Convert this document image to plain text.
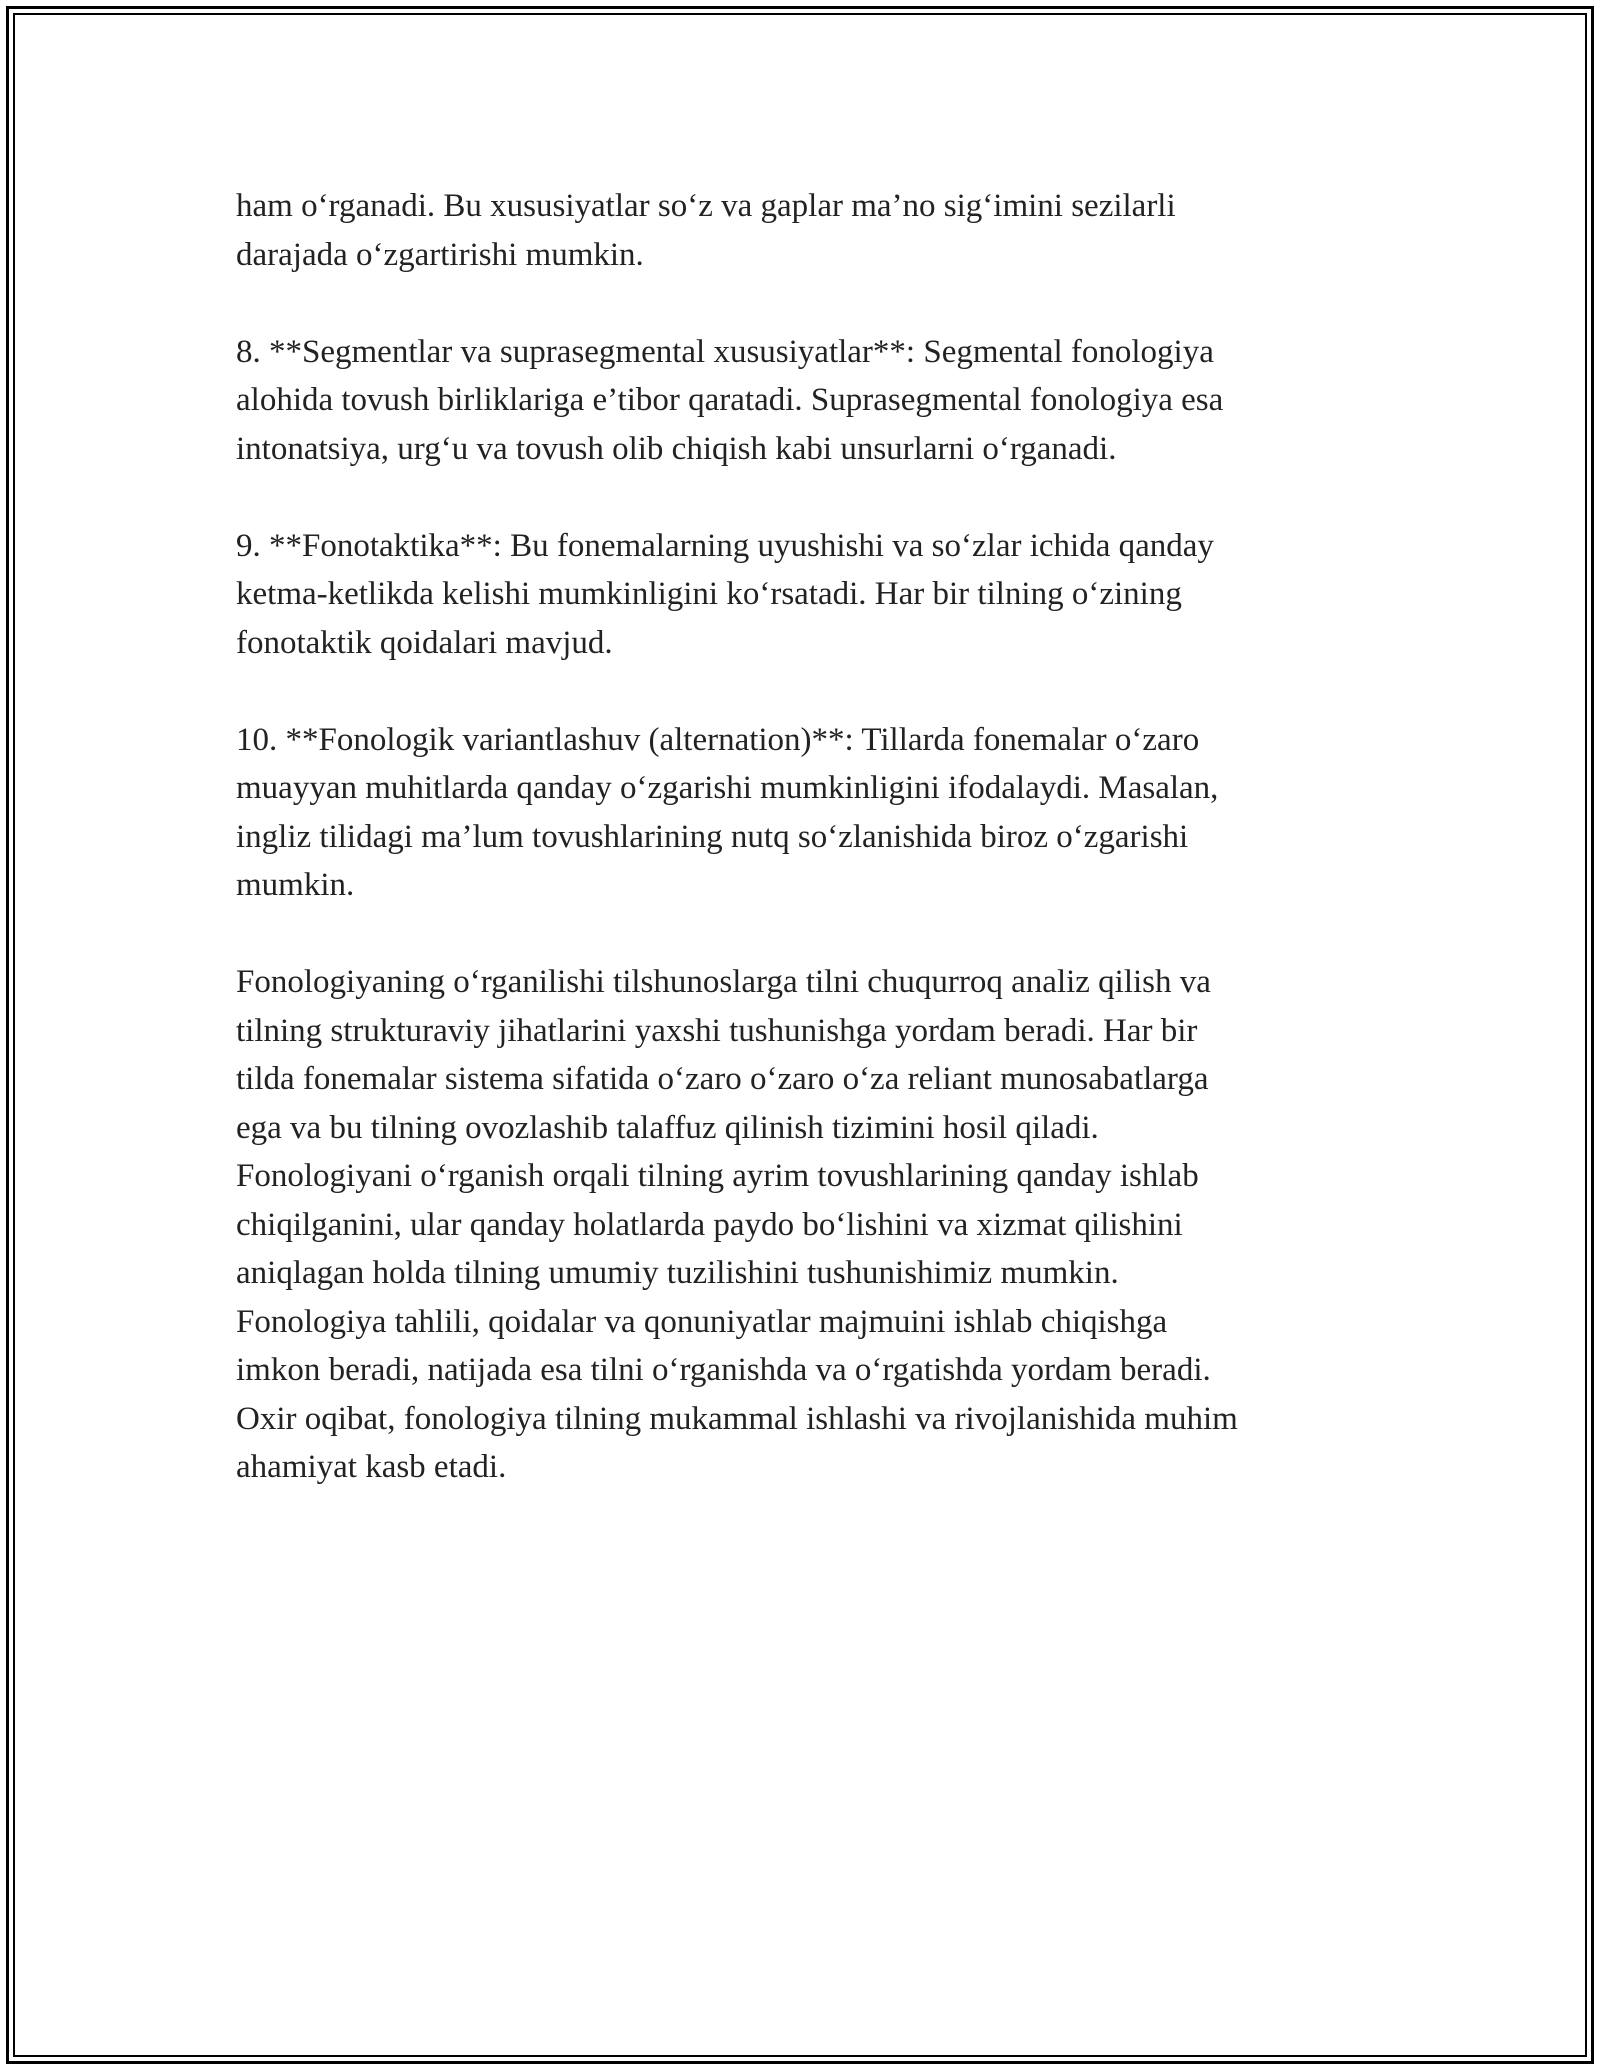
ham o‘rganadi. Bu xususiyatlar so‘z va gaplar ma’no sig‘imini sezilarli
darajada o‘zgartirishi mumkin.

8. **Segmentlar va suprasegmental xususiyatlar**: Segmental fonologiya
alohida tovush birliklariga e’tibor qaratadi. Suprasegmental fonologiya esa
intonatsiya, urg‘u va tovush olib chiqish kabi unsurlarni o‘rganadi.

9. **Fonotaktika**: Bu fonemalarning uyushishi va so‘zlar ichida qanday
ketma-ketlikda kelishi mumkinligini ko‘rsatadi. Har bir tilning o‘zining
fonotaktik qoidalari mavjud.

10. **Fonologik variantlashuv (alternation)**: Tillarda fonemalar o‘zaro
muayyan muhitlarda qanday o‘zgarishi mumkinligini ifodalaydi. Masalan,
ingliz tilidagi ma’lum tovushlarining nutq so‘zlanishida biroz o‘zgarishi
mumkin.

Fonologiyaning o‘rganilishi tilshunoslarga tilni chuqurroq analiz qilish va
tilning strukturaviy jihatlarini yaxshi tushunishga yordam beradi. Har bir
tilda fonemalar sistema sifatida o‘zaro o‘zaro o‘za reliant munosabatlarga
ega va bu tilning ovozlashib talaffuz qilinish tizimini hosil qiladi.
Fonologiyani o‘rganish orqali tilning ayrim tovushlarining qanday ishlab
chiqilganini, ular qanday holatlarda paydo bo‘lishini va xizmat qilishini
aniqlagan holda tilning umumiy tuzilishini tushunishimiz mumkin.
Fonologiya tahlili, qoidalar va qonuniyatlar majmuini ishlab chiqishga
imkon beradi, natijada esa tilni o‘rganishda va o‘rgatishda yordam beradi.
Oxir oqibat, fonologiya tilning mukammal ishlashi va rivojlanishida muhim
ahamiyat kasb etadi.
